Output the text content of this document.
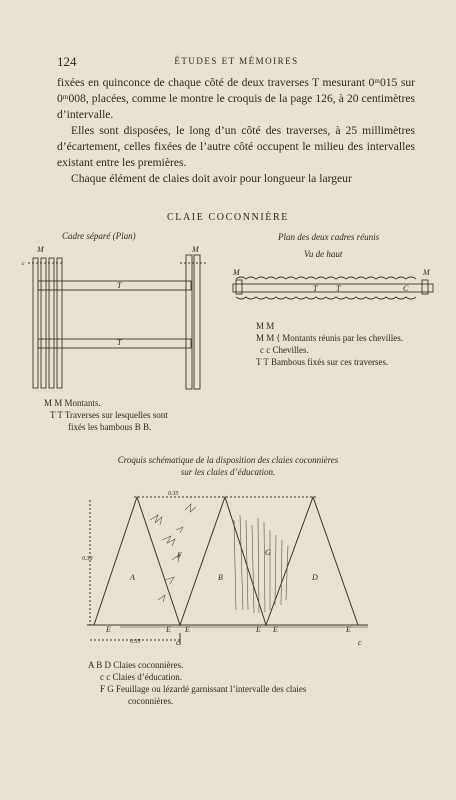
124	ÉTUDES ET MÉMOIRES

fixées en quinconce de chaque côté de deux traverses T mesurant 0ᵐ015 sur 0ᵐ008, placées, comme le montre le croquis de la page 126, à 20 centimètres d’intervalle.

Elles sont disposées, le long d’un côté des traverses, à 25 millimètres d’écartement, celles fixées de l’autre côté occupent le milieu des intervalles existant entre les premières.

Chaque élément de claies doit avoir pour longueur la largeur

CLAIE COCONNIÈRE
Cadre séparé (Plan)	Plan des deux cadres réunis
Vu de haut
M	M
T
T
c
M	M
T T	C
A	B	D
F	G
E	E E	E E	E
c	c
0.35
0.35
0.30
M M
M M ⟨ Montants réunis par les chevilles.
c c Chevilles.
T T Bambous fixés sur ces traverses.
M M Montants.
T T Traverses sur lesquelles sont
fixés les bambous B B.
Croquis schématique de la disposition des claies coconnières
sur les claies d’éducation.
A B D Claies coconnières.
c c Claies d’éducation.
F G Feuillage ou lézardé garnissant l’intervalle des claies
coconnières.
